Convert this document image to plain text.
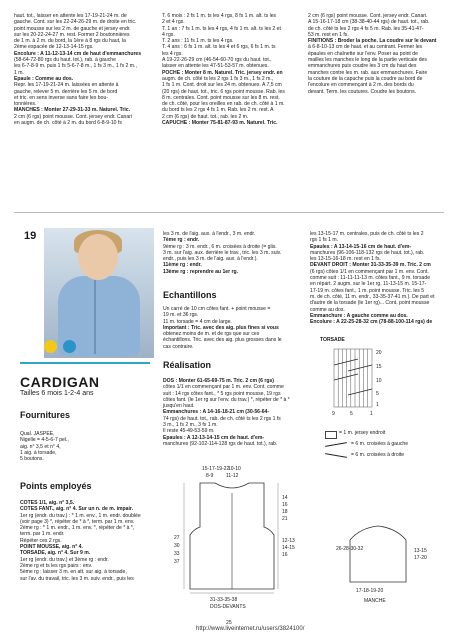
haut. tot., laisser en attente les 17-19-21-24 m. de

gauche. Cont. sur les 22-24-26-29 m. de droite en tric.

point mousse sur les 2 m. de gauche et jersey endr.

sur les 20-22-24-27 m. rest. Former 2 boutonnières

de 1 m. à 2 m. du bord, la 1ère à 8 rgs du haut, la

2ème espacée de 12-13-14-15 rgs.

Encolure : A 11-12-13-14 cm de haut d'emmanchures

(58-64-72-80 rgs du haut. tot.), rab. à gauche

les 6-7-8-9 m. puis 1 fs 5-6-7-8 m., 1 fs 3 m., 1 fs 2 m.,

1 m.

Epaule : Comme au dos.

Repr. les 17-19-21-24 m. laissées en attente à

gauche, relever 5 m. derrière les 5 m. de bord

et tric. en sens inverse sans faire les bou-

tonnières.

MANCHES : Monter 27-29-31-33 m. Naturel. Tric.

2 cm (6 rgs) point mousse. Cont. jersey endr. Canari

en augm. de ch. côté à 2 m. du bord 6-8-9-10 fs

T. 6 mois : 2 fs 1 m. ts les 4 rgs, 8 fs 1 m. alt. ts les

2 et 4 rgs.

T. 1 an : 7 fs 1 m. ts les 4 rgs, 4 fs 1 m. alt. ts les 2 et

4 rgs.

T. 2 ans : 11 fs 1 m. ts les 4 rgs.

T. 4 ans : 6 fs 1 m. alt. ts les 4 et 6 rgs, 6 fs 1 m. ts

les 4 rgs.

A 19-22-26-29 cm (46-54-60-70 rgs du haut. tot.,

laisser en attente les 47-51-53-57 m. obtenues.

POCHE : Monter 8 m. Naturel. Tric. jersey endr. en

augm. de ch. côté ts les 2 rgs 1 fs 3 m., 1 fs 2 m.,

1 fs 1 m. Cont. droit sur les 24 m. obtenues. A 7,5 cm

(20 rgs) de haut. tot., tric. 6 rgs point mousse. Rab. les

8 m. centrales. Cont. point mousse sur les 8 m. rest.

de ch. côté, pour les oreilles en rab. de ch. côté à 1 m.

du bord ts les 2 rgs 4 fs 1 m. Rab. les 2 m. rest. A

2 cm (6 rgs) de haut. tot., rab. les 2 m.

CAPUCHE : Monter 75-81-87-93 m. Naturel. Tric.

2 cm (6 rgs) point mousse. Cont. jersey endr. Canari.

A 15-16-17-18 cm (38-38-40-44 rgs) de haut. tot., rab.

de ch. côté ts les 2 rgs 4 fs 5 m. Rab. les 35-41-47-

53 m. rest en 1 fs.

FINITIONS : Broder la poche. La coudre sur le devant

à 6-8-10-13 cm de haut. et au centrant. Fermer les

épaules en chaînette sur l'env. Poser au point de

mailles les manches le long de la partie verticale des

emmanchures puis coudre les 3 cm du haut des

manches contre les m. rab. aux emmanchures. Faire

la couture de la capuche puis la coudre au bord de

l'encolure en commençant à 2 m. des bords du

devant. Term. les coutures. Coudre les boutons.

19
CARDIGAN
Tailles 6 mois 1-2-4 ans
Fournitures

Qual. JASPEE,

Nigelle = 4-5-6-7 pel.,

aig. n° 3,5 et n° 4,

1 aig. à torsade,

5 boutons.

Points employés

COTES 1/1, aig. n° 3,5.

COTES FANT., aig. n° 4. Sur un n. de m. impair.

1er rg (endr. du trav.) : * 1 m. env., 1 m. endr. doublée

(voir page 3) *, répéter de * à *, term. par 1 m. env.

2ème rg : * 1 m. endr., 1 m. env. *, répéter de * à *,

term. par 1 m. endr.

Répéter ces 2 rgs.

POINT MOUSSE, aig. n° 4.

TORSADE, aig. n° 4. Sur 9 m.

1er rg (endr. du trav.) et 3ème rg : endr.

2ème rg et ts les rgs pairs : env.

5ème rg : laisser 3 m. en att. sur aig. à torsade,

sur l'av. du travail, tric. les 3 m. suiv. endr., puis les

les 3 m. de l'aig. aux. à l'endr., 3 m. endr.

7ème rg : endr.

9ème rg : 3 m. endr., 6 m. croisées à droite (= glis.

3 m. sur l'aig. aux. derrière le trav., tric. les 3 m. suiv.

endr., puis les 3 m. de l'aig. aux. à l'endr.).

11ème rg : endr.

13ème rg : reprendre au 1er rg.

Echantillons

Un carré de 10 cm côtes fant. + point mousse =

19 m. et 36 rgs.

11 m. torsade = 4 cm de large.

Important : Tric. avec des aig. plus fines si vous

obtenez moins de m. et de rgs que sur ces

échantillons. Tric. avec des aig. plus grosses dans le

cas contraire.

Réalisation

DOS : Monter 61-65-69-75 m. Tric. 2 cm (6 rgs)

côtes 1/1 en commençant par 1 m. env. Cont. comme

suit : 14 rgs côtes fant., * 5 rgs point mousse, 19 rgs

côtes fant. (le 1er rg sur l'env. du trav.) *, répéter de * à *

jusqu'en haut.

Emmanchures : A 14-16-18-21 cm (30-56-64-

74 rgs) de haut. tot., rab. de ch. côté ts les 2 rgs 1 fs

3 m., 1 fs 2 m., 3 fs 1 m.

Il reste 45-49-53-59 m.

Epaules : A 12-13-14-15 cm de haut. d'em-

manchures (92-102-114-128 rgs de haut. tot.), rab.

les 13-15-17 m. centrales, puis de ch. côté ts les 2

rgs 1 fs 1 m.

Epaules : A 13-14-15-16 cm de haut. d'em-

manchures (96-106-118-132 rgs de haut. tot.), rab.

les 13-15-16-18 m. rest en 1 fs.

DEVANT DROIT : Monter 31-33-35-39 m. Tric. 2 cm

(6 rgs) côtes 1/1 en commençant par 1 m. env. Cont.

comme suit : 11-11-11-13 m. côtes fant., 9 m. torsade

en répart. 2 augm. sur le 1er rg, 11-13-15 m. 15-17-

17-19 m. côtes fant., 1 m. point mousse. Tric. les 5

m. de ch. côté, 11 m. endr., 33-35-37-41 m.). De part et

d'autre de la torsade (le 1er rg)... Cont. point mousse

comme au dos.

Emmanchure : A gauche comme au dos.

Encolure : A 22-25-28-32 cm (78-88-100-114 rgs) de

TORSADE
20
15
10
5
1
9	5	1
= 1 m. jersey endroit
= 6 m. croisées à gauche
= 6 m. croisées à droite
15-17-19-22
8-9	11-12
10-10
27
30
33
37
14
16
18
21
12-13
14-15
16
31-33-35-38
DOS-DEVANTS
26-28-30-32	13-15
17-20
17-18-19-20
MANCHE
25
http://www.liveinternet.ru/users/3824100/
